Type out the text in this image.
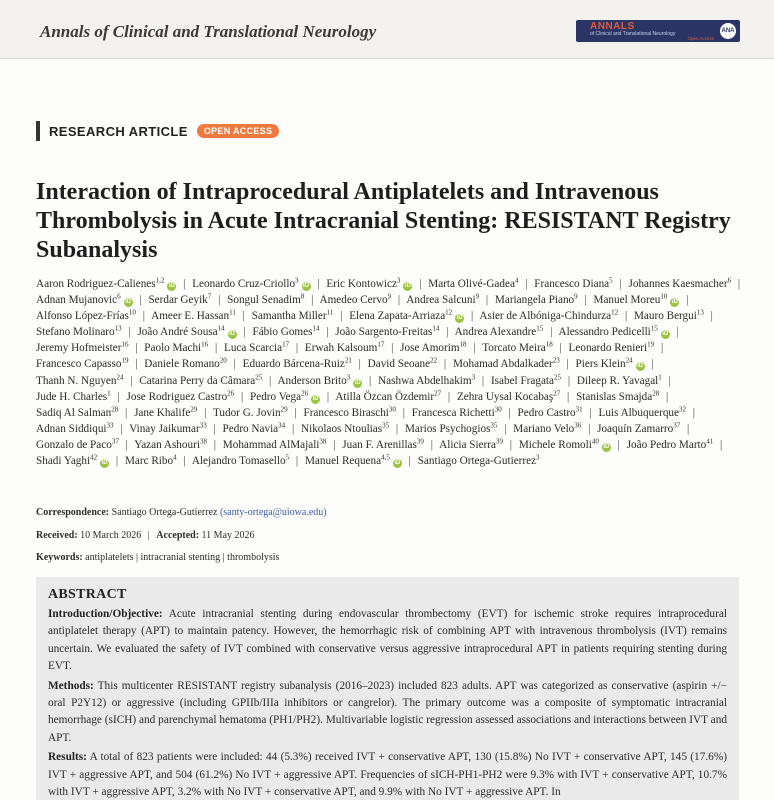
Annals of Clinical and Translational Neurology	ANNALS
of Clinical and Translational Neurology
Open Access
ANA
RESEARCH ARTICLE	OPEN ACCESS
Interaction of Intraprocedural Antiplatelets and Intravenous Thrombolysis in Acute Intracranial Stenting: RESISTANT Registry Subanalysis
Aaron Rodriguez-Calienes$^{1,2}$iD | Leonardo Cruz-Criollo$^3$iD | Eric Kontowicz$^3$iD | Marta Olivé-Gadea$^4$ | Francesco Diana$^5$ | Johannes Kaesmacher$^6$ | Adnan Mujanovic$^6$iD | Serdar Geyik$^7$ | Songul Senadim$^8$ | Amedeo Cervo$^9$ | Andrea Salcuni$^9$ | Mariangela Piano$^9$ | Manuel Moreu$^{10}$iD | Alfonso López-Frías$^{10}$ | Ameer E. Hassan$^{11}$ | Samantha Miller$^{11}$ | Elena Zapata-Arriaza$^{12}$iD | Asier de Albóniga-Chindurza$^{12}$ | Mauro Bergui$^{13}$ | Stefano Molinaro$^{13}$ | João André Sousa$^{14}$iD | Fábio Gomes$^{14}$ | João Sargento-Freitas$^{14}$ | Andrea Alexandre$^{15}$ | Alessandro Pedicelli$^{15}$iD | Jeremy Hofmeister$^{16}$ | Paolo Machi$^{16}$ | Luca Scarcia$^{17}$ | Erwah Kalsoum$^{17}$ | Jose Amorim$^{18}$ | Torcato Meira$^{18}$ | Leonardo Renieri$^{19}$ | Francesco Capasso$^{19}$ | Daniele Romano$^{20}$ | Eduardo Bárcena-Ruiz$^{21}$ | David Seoane$^{22}$ | Mohamad Abdalkader$^{23}$ | Piers Klein$^{24}$iD | Thanh N. Nguyen$^{24}$ | Catarina Perry da Câmara$^{25}$ | Anderson Brito$^3$iD | Nashwa Abdelhakim$^3$ | Isabel Fragata$^{25}$ | Dileep R. Yavagal$^1$ | Jude H. Charles$^1$ | Jose Rodriguez Castro$^{26}$ | Pedro Vega$^{26}$iD | Atilla Özcan Özdemir$^{27}$ | Zehra Uysal Kocabaş$^{27}$ | Stanislas Smajda$^{28}$ | Sadiq Al Salman$^{28}$ | Jane Khalife$^{29}$ | Tudor G. Jovin$^{29}$ | Francesco Biraschi$^{30}$ | Francesca Richetti$^{30}$ | Pedro Castro$^{31}$ | Luis Albuquerque$^{32}$ | Adnan Siddiqui$^{33}$ | Vinay Jaikumar$^{33}$ | Pedro Navia$^{34}$ | Nikolaos Ntoulias$^{35}$ | Marios Psychogios$^{35}$ | Mariano Velo$^{36}$ | Joaquín Zamarro$^{37}$ | Gonzalo de Paco$^{37}$ | Yazan Ashouri$^{38}$ | Mohammad AlMajali$^{38}$ | Juan F. Arenillas$^{39}$ | Alicia Sierra$^{39}$ | Michele Romoli$^{40}$iD | João Pedro Marto$^{41}$ | Shadi Yaghi$^{42}$iD | Marc Ribo$^4$ | Alejandro Tomasello$^5$ | Manuel Requena$^{4,5}$iD | Santiago Ortega-Gutierrez$^3$
Correspondence: Santiago Ortega-Gutierrez (santy-ortega@uiowa.edu)
Received: 10 March 2026 | Accepted: 11 May 2026
Keywords: antiplatelets | intracranial stenting | thrombolysis
ABSTRACT

Introduction/Objective: Acute intracranial stenting during endovascular thrombectomy (EVT) for ischemic stroke requires intraprocedural antiplatelet therapy (APT) to maintain patency. However, the hemorrhagic risk of combining APT with intravenous thrombolysis (IVT) remains uncertain. We evaluated the safety of IVT combined with conservative versus aggressive intraprocedural APT in patients requiring stenting during EVT.

Methods: This multicenter RESISTANT registry subanalysis (2016–2023) included 823 adults. APT was categorized as conservative (aspirin +/− oral P2Y12) or aggressive (including GPIIb/IIIa inhibitors or cangrelor). The primary outcome was a composite of symptomatic intracranial hemorrhage (sICH) and parenchymal hematoma (PH1/PH2). Multivariable logistic regression assessed associations and interactions between IVT and APT.

Results: A total of 823 patients were included: 44 (5.3%) received IVT + conservative APT, 130 (15.8%) No IVT + conservative APT, 145 (17.6%) IVT + aggressive APT, and 504 (61.2%) No IVT + aggressive APT. Frequencies of sICH-PH1-PH2 were 9.3% with IVT + conservative APT, 10.7% with IVT + aggressive APT, 3.2% with No IVT + conservative APT, and 9.9% with No IVT + aggressive APT. In
